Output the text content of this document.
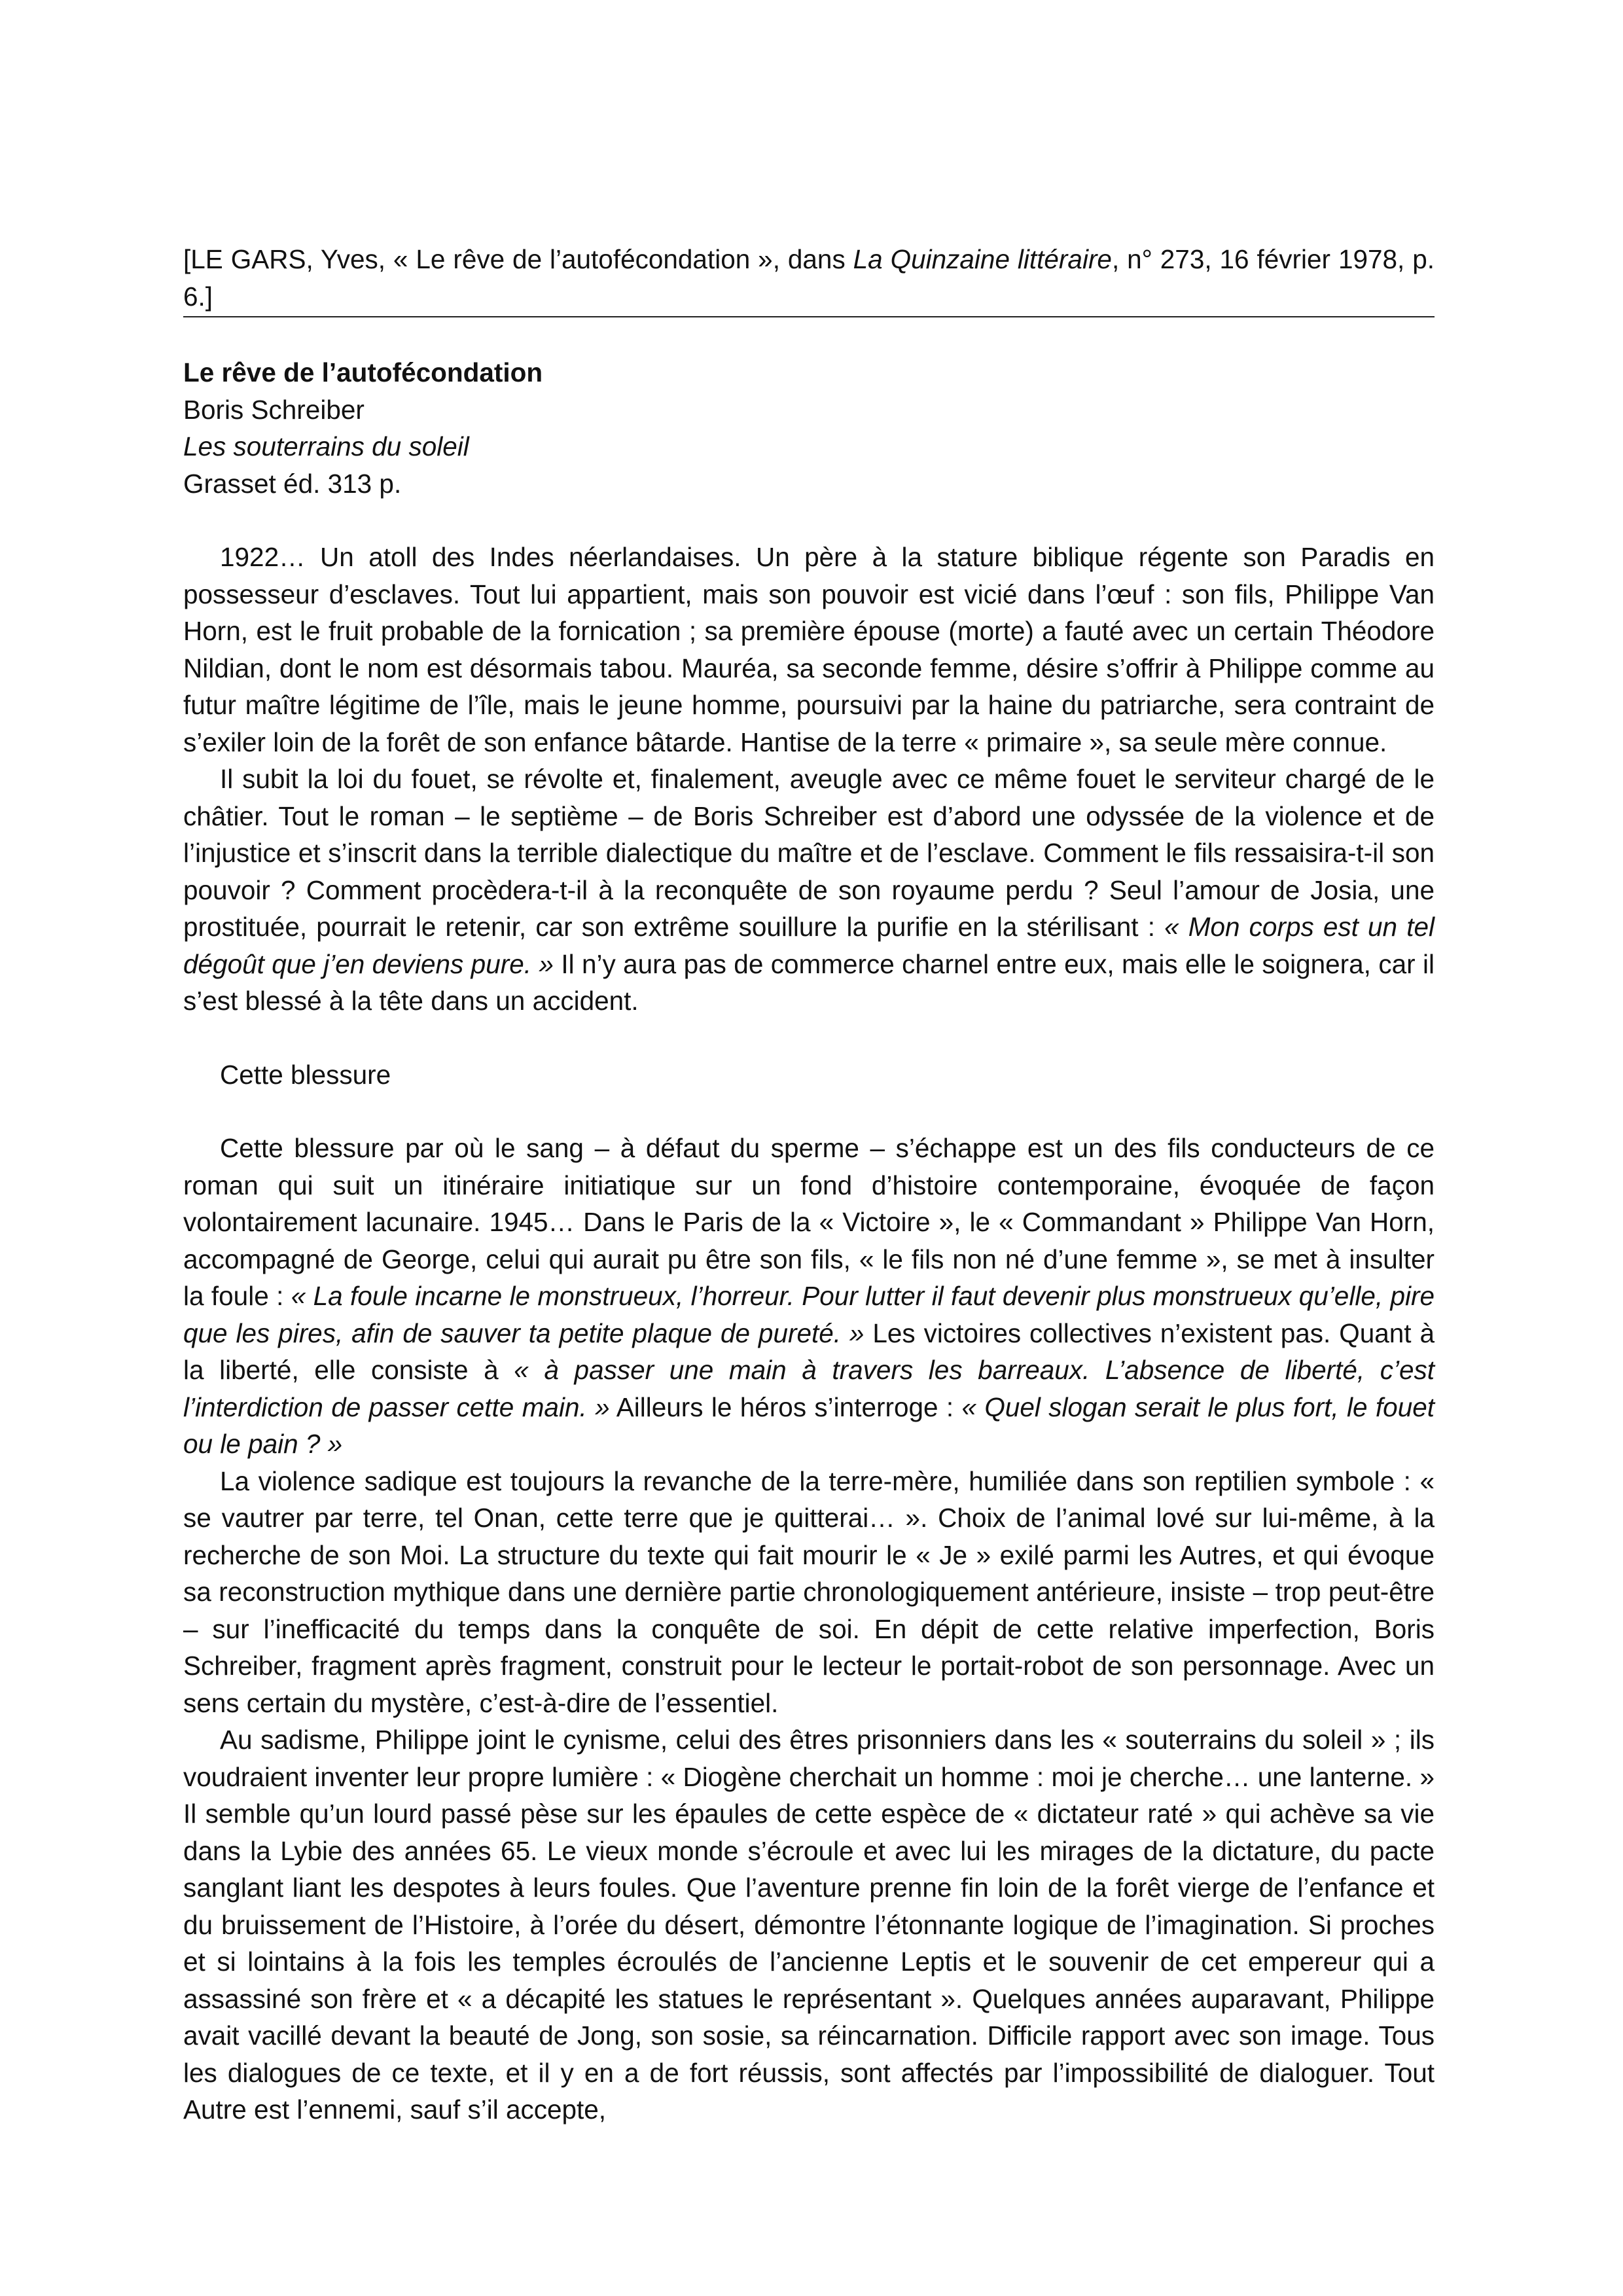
[LE GARS, Yves, « Le rêve de l’autofécondation », dans La Quinzaine littéraire, n° 273, 16 février 1978, p. 6.]

Le rêve de l’autofécondation
Boris Schreiber
Les souterrains du soleil
Grasset éd. 313 p.

1922… Un atoll des Indes néerlandaises. Un père à la stature biblique régente son Paradis en possesseur d’esclaves. Tout lui appartient, mais son pouvoir est vicié dans l’œuf : son fils, Philippe Van Horn, est le fruit probable de la fornication ; sa première épouse (morte) a fauté avec un certain Théodore Nildian, dont le nom est désormais tabou. Mauréa, sa seconde femme, désire s’offrir à Philippe comme au futur maître légitime de l’île, mais le jeune homme, poursuivi par la haine du patriarche, sera contraint de s’exiler loin de la forêt de son enfance bâtarde. Hantise de la terre « primaire », sa seule mère connue.

Il subit la loi du fouet, se révolte et, finalement, aveugle avec ce même fouet le serviteur chargé de le châtier. Tout le roman – le septième – de Boris Schreiber est d’abord une odyssée de la violence et de l’injustice et s’inscrit dans la terrible dialectique du maître et de l’esclave. Comment le fils ressaisira-t-il son pouvoir ? Comment procèdera-t-il à la reconquête de son royaume perdu ? Seul l’amour de Josia, une prostituée, pourrait le retenir, car son extrême souillure la purifie en la stérilisant : « Mon corps est un tel dégoût que j’en deviens pure. » Il n’y aura pas de commerce charnel entre eux, mais elle le soignera, car il s’est blessé à la tête dans un accident.

Cette blessure

Cette blessure par où le sang – à défaut du sperme – s’échappe est un des fils conducteurs de ce roman qui suit un itinéraire initiatique sur un fond d’histoire contemporaine, évoquée de façon volontairement lacunaire. 1945… Dans le Paris de la « Victoire », le « Commandant » Philippe Van Horn, accompagné de George, celui qui aurait pu être son fils, « le fils non né d’une femme », se met à insulter la foule : « La foule incarne le monstrueux, l’horreur. Pour lutter il faut devenir plus monstrueux qu’elle, pire que les pires, afin de sauver ta petite plaque de pureté. » Les victoires collectives n’existent pas. Quant à la liberté, elle consiste à « à passer une main à travers les barreaux. L’absence de liberté, c’est l’interdiction de passer cette main. » Ailleurs le héros s’interroge : « Quel slogan serait le plus fort, le fouet ou le pain ? »

La violence sadique est toujours la revanche de la terre-mère, humiliée dans son reptilien symbole : « se vautrer par terre, tel Onan, cette terre que je quitterai… ». Choix de l’animal lové sur lui-même, à la recherche de son Moi. La structure du texte qui fait mourir le « Je » exilé parmi les Autres, et qui évoque sa reconstruction mythique dans une dernière partie chronologiquement antérieure, insiste – trop peut-être – sur l’inefficacité du temps dans la conquête de soi. En dépit de cette relative imperfection, Boris Schreiber, fragment après fragment, construit pour le lecteur le portait-robot de son personnage. Avec un sens certain du mystère, c’est-à-dire de l’essentiel.

Au sadisme, Philippe joint le cynisme, celui des êtres prisonniers dans les « souterrains du soleil » ; ils voudraient inventer leur propre lumière : « Diogène cherchait un homme : moi je cherche… une lanterne. » Il semble qu’un lourd passé pèse sur les épaules de cette espèce de « dictateur raté » qui achève sa vie dans la Lybie des années 65. Le vieux monde s’écroule et avec lui les mirages de la dictature, du pacte sanglant liant les despotes à leurs foules. Que l’aventure prenne fin loin de la forêt vierge de l’enfance et du bruissement de l’Histoire, à l’orée du désert, démontre l’étonnante logique de l’imagination. Si proches et si lointains à la fois les temples écroulés de l’ancienne Leptis et le souvenir de cet empereur qui a assassiné son frère et « a décapité les statues le représentant ». Quelques années auparavant, Philippe avait vacillé devant la beauté de Jong, son sosie, sa réincarnation. Difficile rapport avec son image. Tous les dialogues de ce texte, et il y en a de fort réussis, sont affectés par l’impossibilité de dialoguer. Tout Autre est l’ennemi, sauf s’il accepte,
